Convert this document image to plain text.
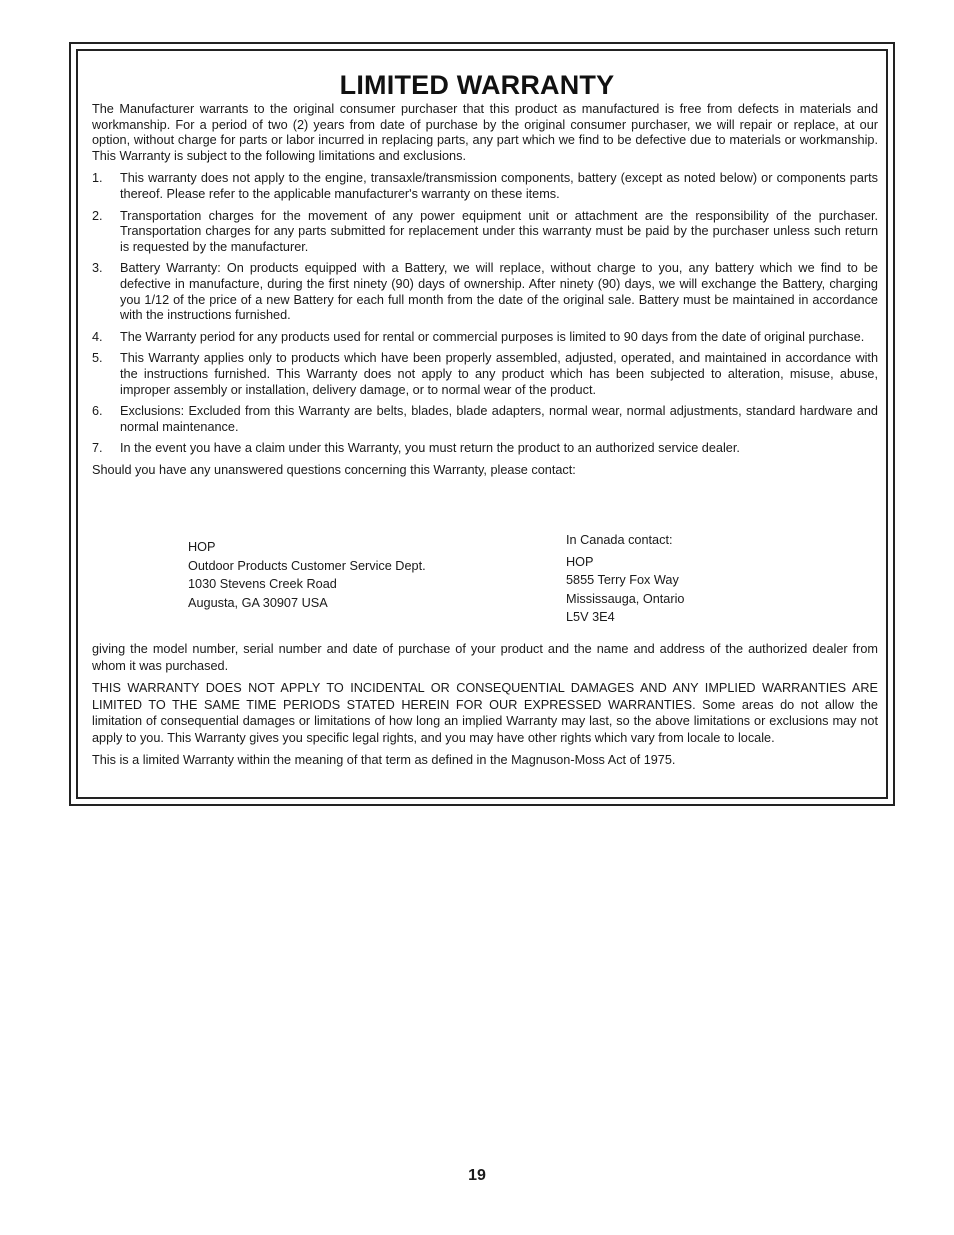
LIMITED WARRANTY

The Manufacturer warrants to the original consumer purchaser that this product as manufactured is free from defects in materials and workmanship. For a period of two (2) years from date of purchase by the original consumer purchaser, we will repair or replace, at our option, without charge for parts or labor incurred in replacing parts, any part which we find to be defective due to materials or workmanship. This Warranty is subject to the following limitations and exclusions.

1. This warranty does not apply to the engine, transaxle/transmission components, battery (except as noted below) or components parts thereof. Please refer to the applicable manufacturer's warranty on these items.
2. Transportation charges for the movement of any power equipment unit or attachment are the responsibility of the purchaser. Transportation charges for any parts submitted for replacement under this warranty must be paid by the purchaser unless such return is requested by the manufacturer.
3. Battery Warranty: On products equipped with a Battery, we will replace, without charge to you, any battery which we find to be defective in manufacture, during the first ninety (90) days of ownership. After ninety (90) days, we will exchange the Battery, charging you 1/12 of the price of a new Battery for each full month from the date of the original sale. Battery must be maintained in accordance with the instructions furnished.
4. The Warranty period for any products used for rental or commercial purposes is limited to 90 days from the date of original purchase.
5. This Warranty applies only to products which have been properly assembled, adjusted, operated, and maintained in accordance with the instructions furnished. This Warranty does not apply to any product which has been subjected to alteration, misuse, abuse, improper assembly or installation, delivery damage, or to normal wear of the product.
6. Exclusions: Excluded from this Warranty are belts, blades, blade adapters, normal wear, normal adjustments, standard hardware and normal maintenance.
7. In the event you have a claim under this Warranty, you must return the product to an authorized service dealer.

Should you have any unanswered questions concerning this Warranty, please contact:

HOP
Outdoor Products Customer Service Dept.
1030 Stevens Creek Road
Augusta, GA 30907 USA
In Canada contact:
HOP
5855 Terry Fox Way
Mississauga, Ontario
L5V 3E4

giving the model number, serial number and date of purchase of your product and the name and address of the authorized dealer from whom it was purchased.

THIS WARRANTY DOES NOT APPLY TO INCIDENTAL OR CONSEQUENTIAL DAMAGES AND ANY IMPLIED WARRANTIES ARE LIMITED TO THE SAME TIME PERIODS STATED HEREIN FOR OUR EXPRESSED WARRANTIES. Some areas do not allow the limitation of consequential damages or limitations of how long an implied Warranty may last, so the above limitations or exclusions may not apply to you. This Warranty gives you specific legal rights, and you may have other rights which vary from locale to locale.

This is a limited Warranty within the meaning of that term as defined in the Magnuson-Moss Act of 1975.

19
